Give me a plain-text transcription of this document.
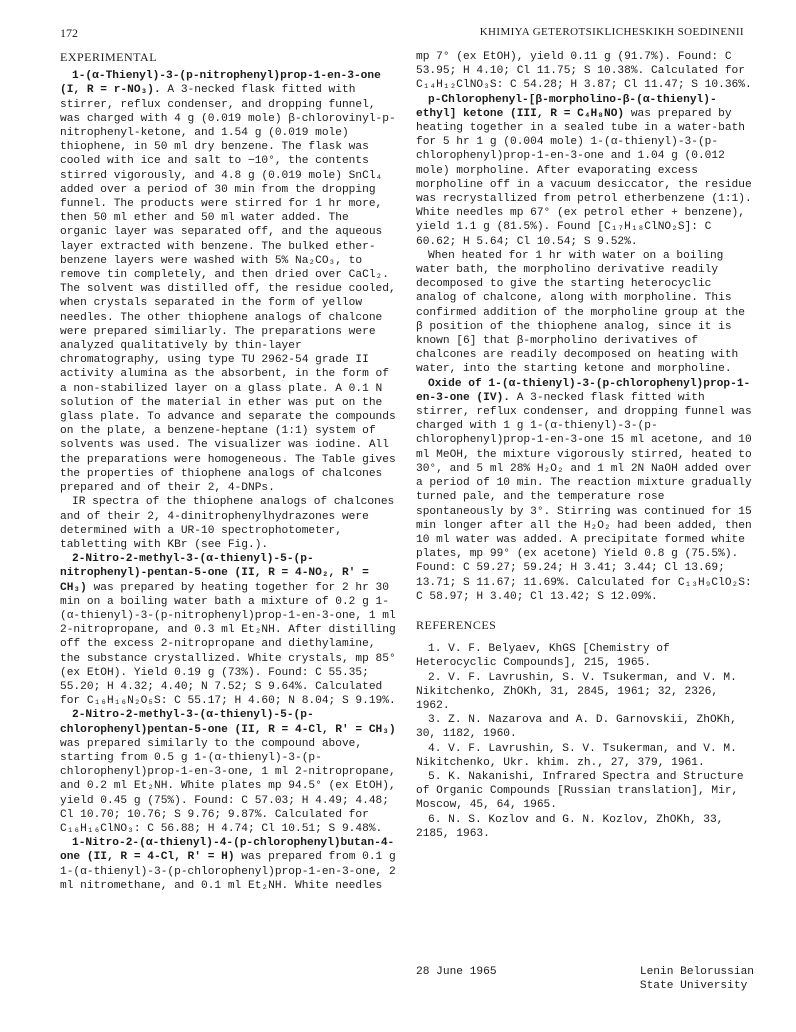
172	KHIMIYA GETEROTSIKLICHESKIKH SOEDINENII

EXPERIMENTAL

1-(α-Thienyl)-3-(p-nitrophenyl)prop-1-en-3-one (I, R = r-NO₃). A 3-necked flask fitted with stirrer, reflux condenser, and dropping funnel, was charged with 4 g (0.019 mole) β-chlorovinyl-p-nitrophenyl-ketone, and 1.54 g (0.019 mole) thiophene, in 50 ml dry benzene. The flask was cooled with ice and salt to −10°, the contents stirred vigorously, and 4.8 g (0.019 mole) SnCl₄ added over a period of 30 min from the dropping funnel. The products were stirred for 1 hr more, then 50 ml ether and 50 ml water added. The organic layer was separated off, and the aqueous layer extracted with benzene. The bulked ether-benzene layers were washed with 5% Na₂CO₃, to remove tin completely, and then dried over CaCl₂. The solvent was distilled off, the residue cooled, when crystals separated in the form of yellow needles. The other thiophene analogs of chalcone were prepared similiarly. The preparations were analyzed qualitatively by thin-layer chromatography, using type TU 2962-54 grade II activity alumina as the absorbent, in the form of a non-stabilized layer on a glass plate. A 0.1 N solution of the material in ether was put on the glass plate. To advance and separate the compounds on the plate, a benzene-heptane (1:1) system of solvents was used. The visualizer was iodine. All the preparations were homogeneous. The Table gives the properties of thiophene analogs of chalcones prepared and of their 2, 4-DNPs.

IR spectra of the thiophene analogs of chalcones and of their 2, 4-dinitrophenylhydrazones were determined with a UR-10 spectrophotometer, tabletting with KBr (see Fig.).

2-Nitro-2-methyl-3-(α-thienyl)-5-(p-nitrophenyl)-pentan-5-one (II, R = 4-NO₂, R' = CH₃) was prepared by heating together for 2 hr 30 min on a boiling water bath a mixture of 0.2 g 1-(α-thienyl)-3-(p-nitrophenyl)prop-1-en-3-one, 1 ml 2-nitropropane, and 0.3 ml Et₂NH. After distilling off the excess 2-nitropropane and diethylamine, the substance crystallized. White crystals, mp 85° (ex EtOH). Yield 0.19 g (73%). Found: C 55.35; 55.20; H 4.32; 4.40; N 7.52; S 9.64%. Calculated for C₁₆H₁₆N₂O₅S: C 55.17; H 4.60; N 8.04; S 9.19%.

2-Nitro-2-methyl-3-(α-thienyl)-5-(p-chlorophenyl)pentan-5-one (II, R = 4-Cl, R' = CH₃) was prepared similarly to the compound above, starting from 0.5 g 1-(α-thienyl)-3-(p-chlorophenyl)prop-1-en-3-one, 1 ml 2-nitropropane, and 0.2 ml Et₂NH. White plates mp 94.5° (ex EtOH), yield 0.45 g (75%). Found: C 57.03; H 4.49; 4.48; Cl 10.70; 10.76; S 9.76; 9.87%. Calculated for C₁₆H₁₆ClNO₃: C 56.88; H 4.74; Cl 10.51; S 9.48%.

1-Nitro-2-(α-thienyl)-4-(p-chlorophenyl)butan-4-one (II, R = 4-Cl, R' = H) was prepared from 0.1 g 1-(α-thienyl)-3-(p-chlorophenyl)prop-1-en-3-one, 2 ml nitromethane, and 0.1 ml Et₂NH. White needles

mp 7° (ex EtOH), yield 0.11 g (91.7%). Found: C 53.95; H 4.10; Cl 11.75; S 10.38%. Calculated for C₁₄H₁₂ClNO₃S: C 54.28; H 3.87; Cl 11.47; S 10.36%.

p-Chlorophenyl-[β-morpholino-β-(α-thienyl)-ethyl] ketone (III, R = C₄H₈NO) was prepared by heating together in a sealed tube in a water-bath for 5 hr 1 g (0.004 mole) 1-(α-thienyl)-3-(p-chlorophenyl)prop-1-en-3-one and 1.04 g (0.012 mole) morpholine. After evaporating excess morpholine off in a vacuum desiccator, the residue was recrystallized from petrol etherbenzene (1:1). White needles mp 67° (ex petrol ether + benzene), yield 1.1 g (81.5%). Found [C₁₇H₁₈ClNO₂S]: C 60.62; H 5.64; Cl 10.54; S 9.52%.

When heated for 1 hr with water on a boiling water bath, the morpholino derivative readily decomposed to give the starting heterocyclic analog of chalcone, along with morpholine. This confirmed addition of the morpholine group at the β position of the thiophene analog, since it is known [6] that β-morpholino derivatives of chalcones are readily decomposed on heating with water, into the starting ketone and morpholine.

Oxide of 1-(α-thienyl)-3-(p-chlorophenyl)prop-1-en-3-one (IV). A 3-necked flask fitted with stirrer, reflux condenser, and dropping funnel was charged with 1 g 1-(α-thienyl)-3-(p-chlorophenyl)prop-1-en-3-one 15 ml acetone, and 10 ml MeOH, the mixture vigorously stirred, heated to 30°, and 5 ml 28% H₂O₂ and 1 ml 2N NaOH added over a period of 10 min. The reaction mixture gradually turned pale, and the temperature rose spontaneously by 3°. Stirring was continued for 15 min longer after all the H₂O₂ had been added, then 10 ml water was added. A precipitate formed white plates, mp 99° (ex acetone) Yield 0.8 g (75.5%). Found: C 59.27; 59.24; H 3.41; 3.44; Cl 13.69; 13.71; S 11.67; 11.69%. Calculated for C₁₃H₉ClO₂S: C 58.97; H 3.40; Cl 13.42; S 12.09%.

REFERENCES

1. V. F. Belyaev, KhGS [Chemistry of Heterocyclic Compounds], 215, 1965.

2. V. F. Lavrushin, S. V. Tsukerman, and V. M. Nikitchenko, ZhOKh, 31, 2845, 1961; 32, 2326, 1962.

3. Z. N. Nazarova and A. D. Garnovskii, ZhOKh, 30, 1182, 1960.

4. V. F. Lavrushin, S. V. Tsukerman, and V. M. Nikitchenko, Ukr. khim. zh., 27, 379, 1961.

5. K. Nakanishi, Infrared Spectra and Structure of Organic Compounds [Russian translation], Mir, Moscow, 45, 64, 1965.

6. N. S. Kozlov and G. N. Kozlov, ZhOKh, 33, 2185, 1963.

28 June 1965	Lenin Belorussian
State University
